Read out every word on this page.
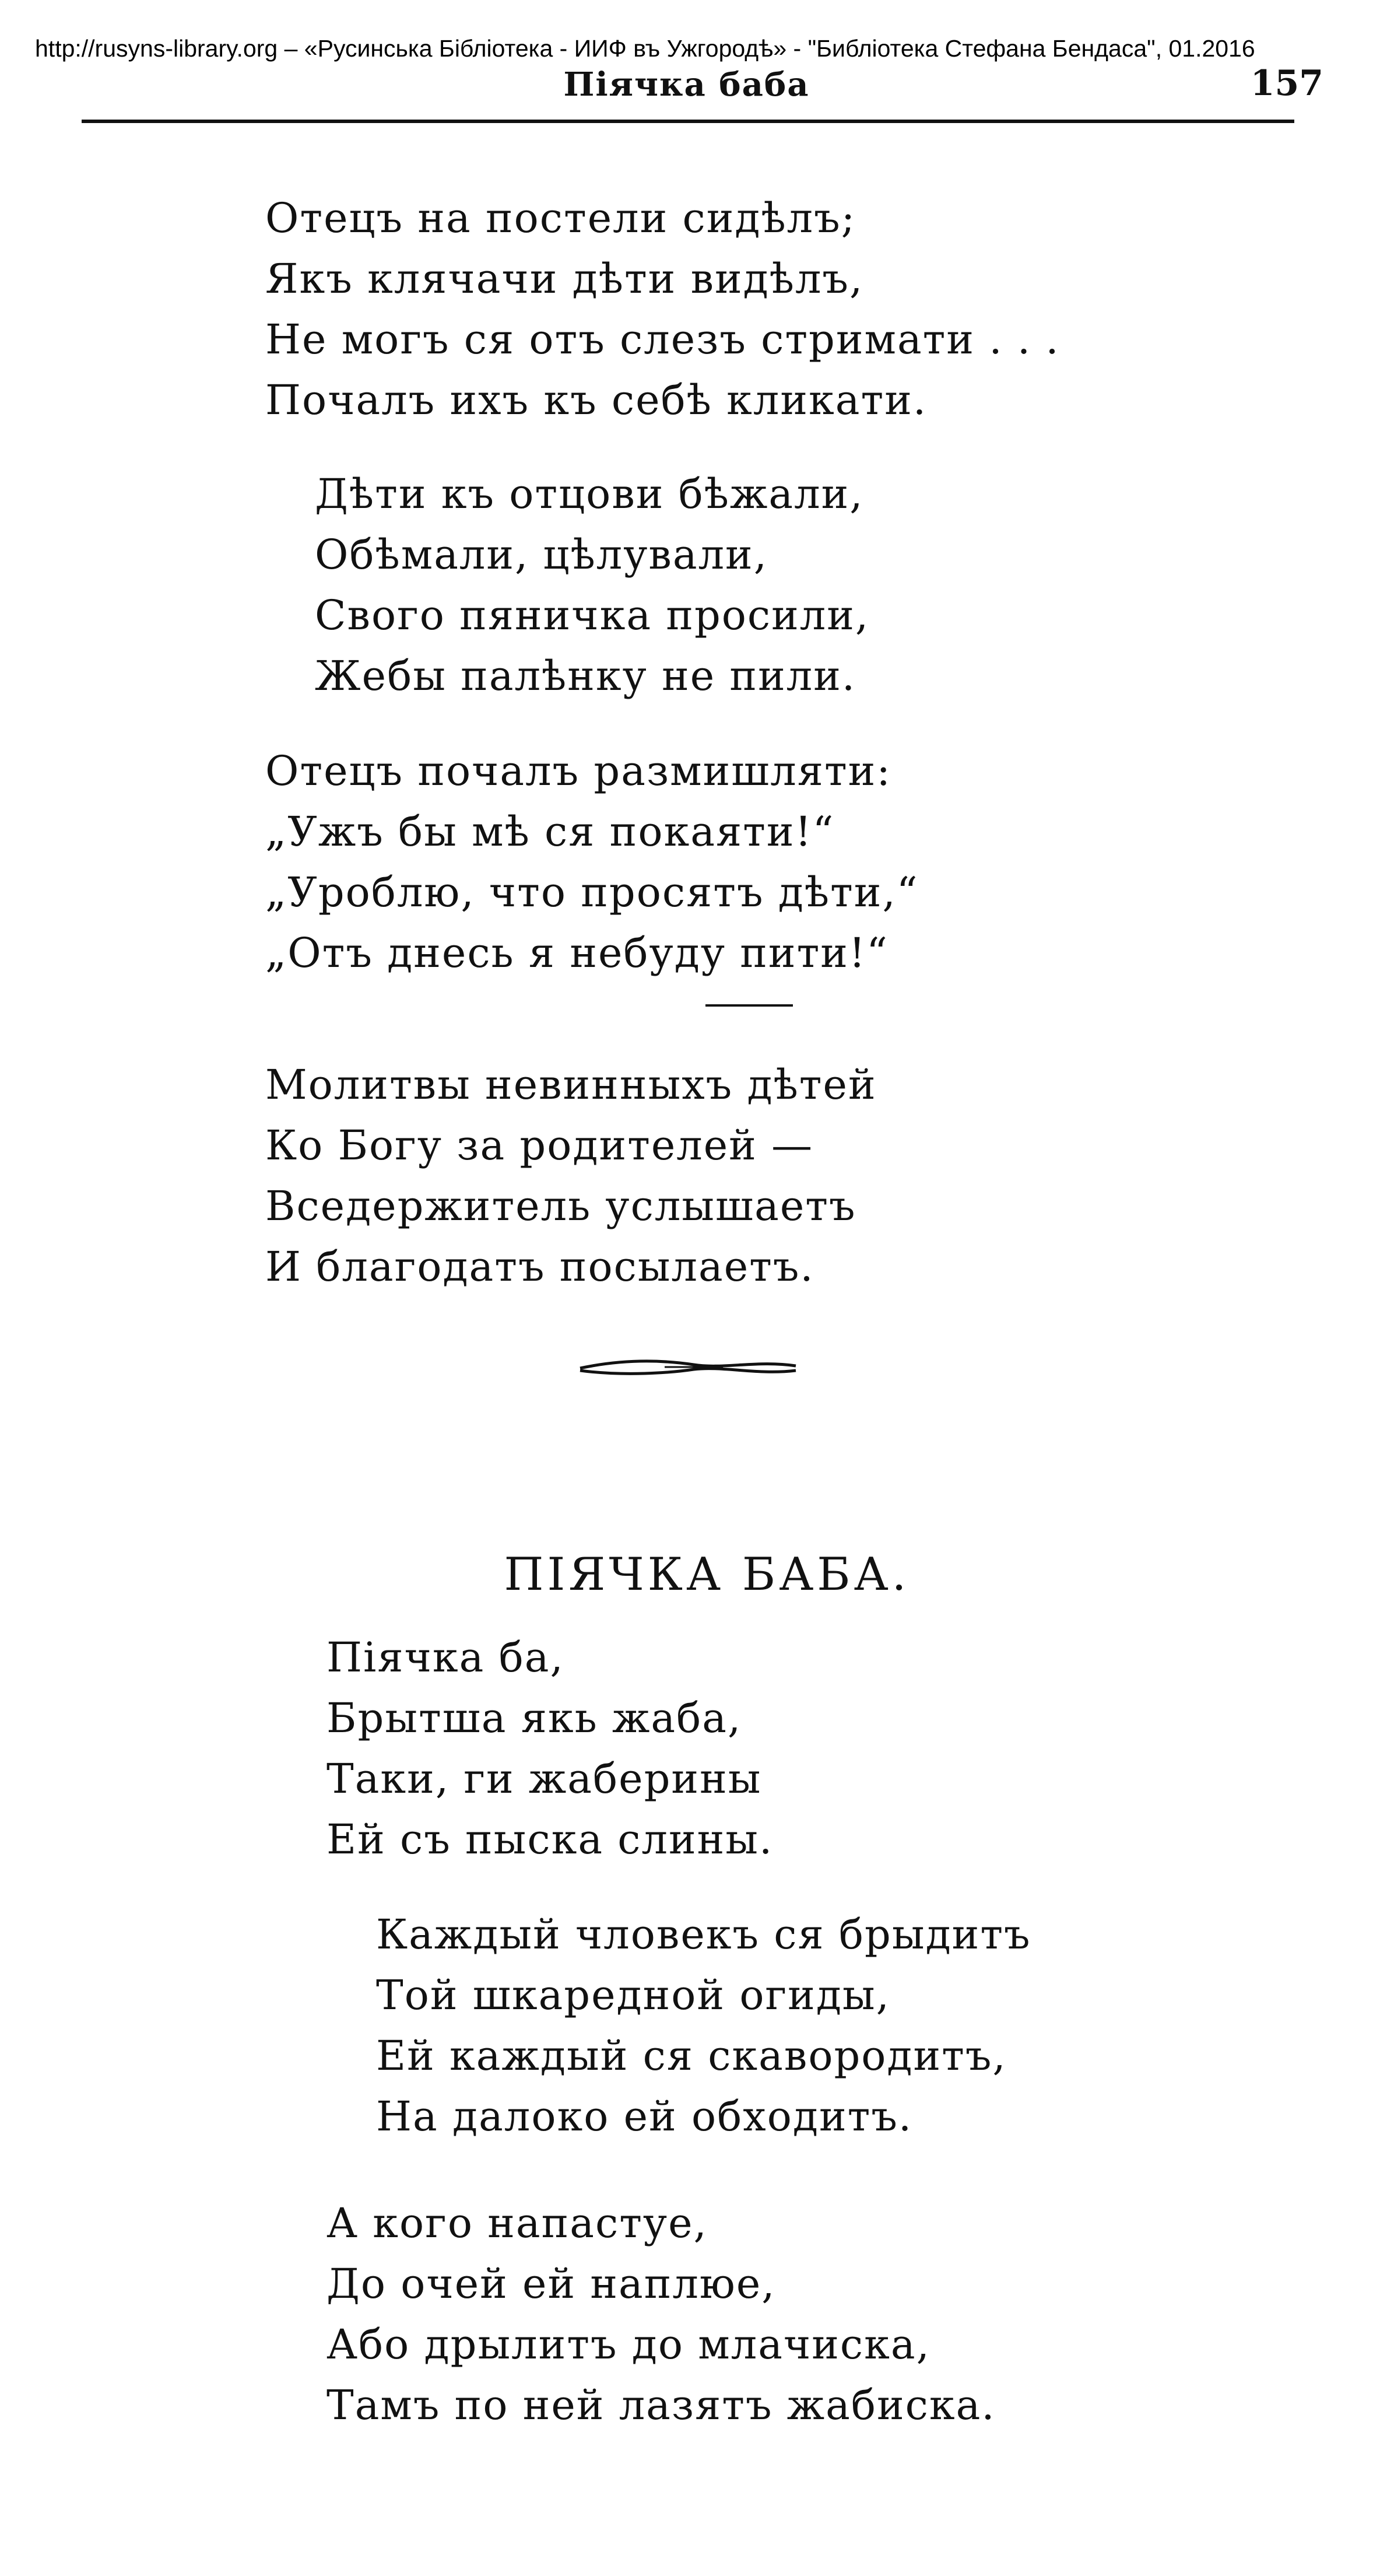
http://rusyns-library.org – «Русинська Бібліотека - ИИФ въ Ужгородѣ» - "Библіотека Стефана Бендаса", 01.2016
Піячка баба	157
Отецъ на постели сидѣлъ;
Якъ клячачи дѣти видѣлъ,
Не могъ ся отъ слезъ стримати . . .
Почалъ ихъ къ себѣ кликати.
Дѣти къ отцови бѣжали,
Обѣмали, цѣлували,
Свого пяничка просили,
Жебы палѣнку не пили.
Отецъ почалъ размишляти:
„Ужъ бы мѣ ся покаяти!“
„Уроблю, что просятъ дѣти,“
„Отъ днесь я небуду пити!“
Молитвы невинныхъ дѣтей
Ко Богу за родителей —
Вседержитель услышаетъ
И благодатъ посылаетъ.
ПІЯЧКА БАБА.
Піячка ба,
Брытша якь жаба,
Таки, ги жаберины
Ей съ пыска слины.
Каждый чловекъ ся брыдитъ
Той шкаредной огиды,
Ей каждый ся скавородитъ,
На далоко ей обходитъ.
А кого напастуе,
До очей ей наплюе,
Або дрылитъ до млачиска,
Тамъ по ней лазятъ жабиска.
